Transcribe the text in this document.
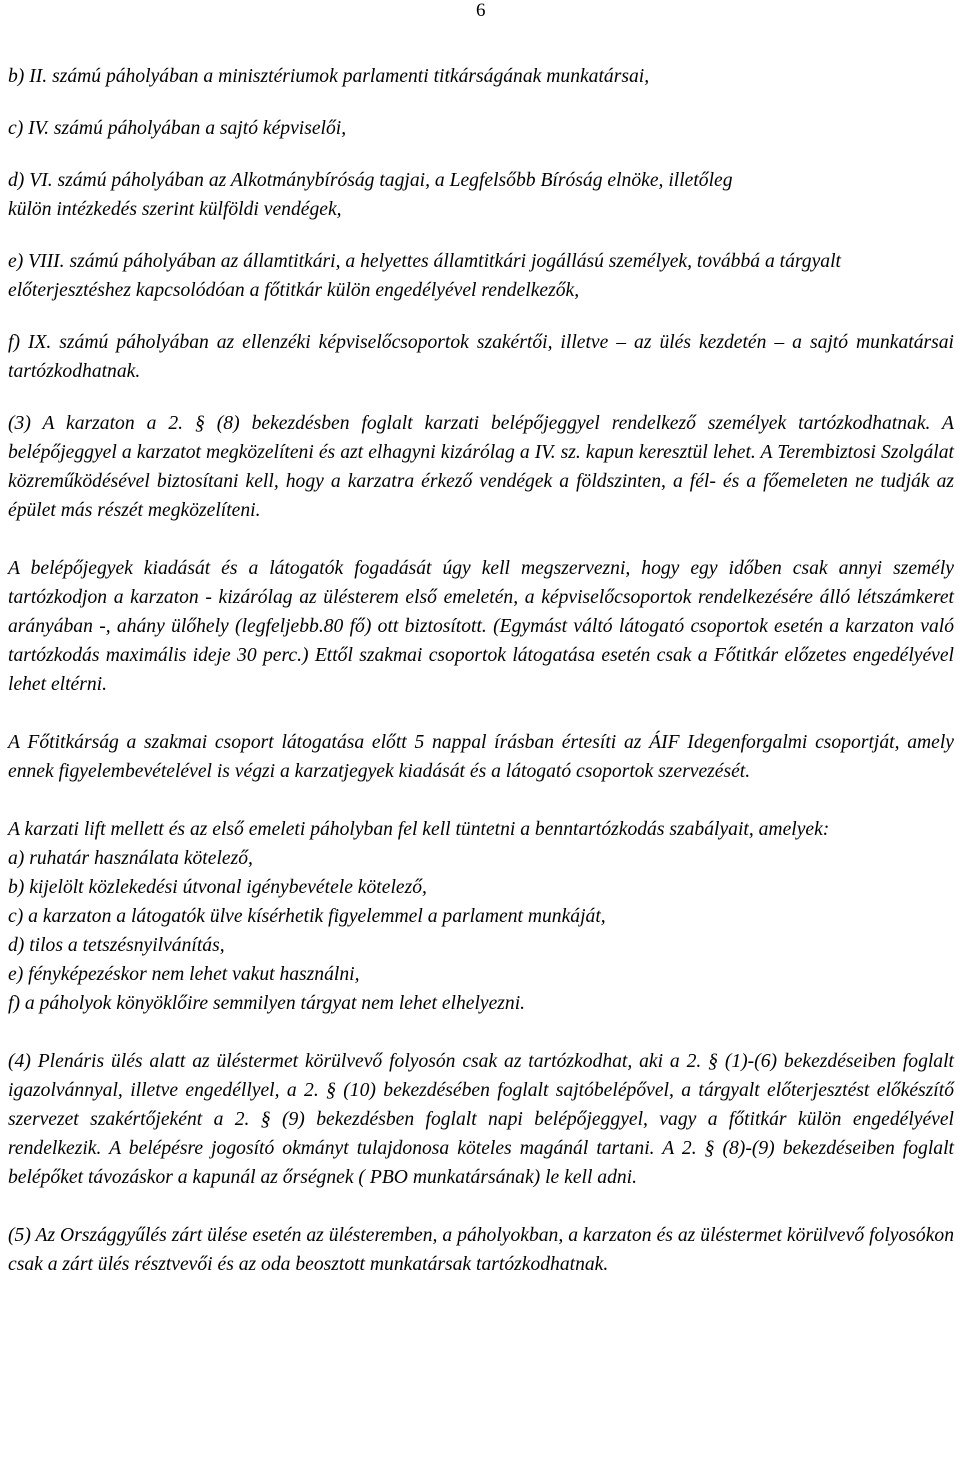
6

b) II. számú páholyában a minisztériumok parlamenti titkárságának munkatársai,

c) IV. számú páholyában a sajtó képviselői,

d) VI. számú páholyában az Alkotmánybíróság tagjai, a Legfelsőbb Bíróság elnöke, illetőleg

külön intézkedés szerint külföldi vendégek,

e) VIII. számú páholyában az államtitkári, a helyettes államtitkári jogállású személyek, továbbá a tárgyalt előterjesztéshez kapcsolódóan a főtitkár külön engedélyével rendelkezők,

f) IX. számú páholyában az ellenzéki képviselőcsoportok szakértői, illetve – az ülés kezdetén – a sajtó munkatársai tartózkodhatnak.

(3) A karzaton a 2. § (8) bekezdésben foglalt karzati belépőjeggyel rendelkező személyek tartózkodhatnak. A belépőjeggyel a karzatot megközelíteni és azt elhagyni kizárólag a IV. sz. kapun keresztül lehet. A Terembiztosi Szolgálat közreműködésével biztosítani kell, hogy a karzatra érkező vendégek a földszinten, a fél- és a főemeleten ne tudják az épület más részét megközelíteni.

A belépőjegyek kiadását és a látogatók fogadását úgy kell megszervezni, hogy egy időben csak annyi személy tartózkodjon a karzaton - kizárólag az ülésterem első emeletén, a képviselőcsoportok rendelkezésére álló létszámkeret arányában -, ahány ülőhely (legfeljebb.80 fő) ott biztosított. (Egymást váltó látogató csoportok esetén a karzaton való tartózkodás maximális ideje 30 perc.) Ettől szakmai csoportok látogatása esetén csak a Főtitkár előzetes engedélyével lehet eltérni.

A Főtitkárság a szakmai csoport látogatása előtt 5 nappal írásban értesíti az ÁIF Idegenforgalmi csoportját, amely ennek figyelembevételével is végzi a karzatjegyek kiadását és a látogató csoportok szervezését.

A karzati lift mellett és az első emeleti páholyban fel kell tüntetni a benntartózkodás szabályait, amelyek:

a) ruhatár használata kötelező,

b) kijelölt közlekedési útvonal igénybevétele kötelező,

c) a karzaton a látogatók ülve kísérhetik figyelemmel a parlament munkáját,

d) tilos a tetszésnyilvánítás,

e) fényképezéskor nem lehet vakut használni,

f) a páholyok könyöklőire semmilyen tárgyat nem lehet elhelyezni.

(4) Plenáris ülés alatt az üléstermet körülvevő folyosón csak az tartózkodhat, aki a 2. § (1)-(6) bekezdéseiben foglalt igazolvánnyal, illetve engedéllyel, a 2. § (10) bekezdésében foglalt sajtóbelépővel, a tárgyalt előterjesztést előkészítő szervezet szakértőjeként a 2. § (9) bekezdésben foglalt napi belépőjeggyel, vagy a főtitkár külön engedélyével rendelkezik. A belépésre jogosító okmányt tulajdonosa köteles magánál tartani. A 2. § (8)-(9) bekezdéseiben foglalt belépőket távozáskor a kapunál az őrségnek ( PBO munkatársának) le kell adni.

(5) Az Országgyűlés zárt ülése esetén az ülésteremben, a páholyokban, a karzaton és az üléstermet körülvevő folyosókon csak a zárt ülés résztvevői és az oda beosztott munkatársak tartózkodhatnak.
